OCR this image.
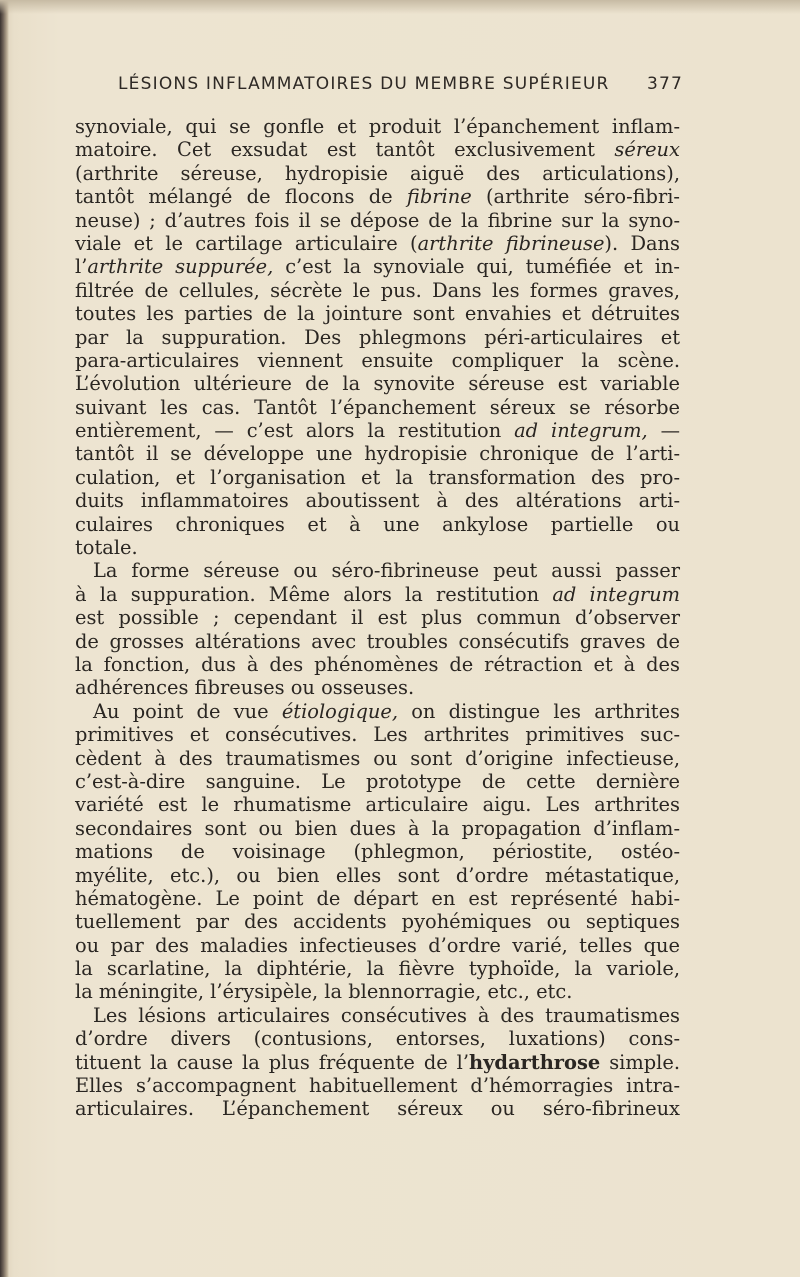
LÉSIONS INFLAMMATOIRES DU MEMBRE SUPÉRIEUR 377
synoviale, qui se gonfle et produit l’épanchement inflam-
matoire. Cet exsudat est tantôt exclusivement séreux
(arthrite séreuse, hydropisie aiguë des articulations),
tantôt mélangé de flocons de fibrine (arthrite séro-fibri-
neuse) ; d’autres fois il se dépose de la fibrine sur la syno-
viale et le cartilage articulaire (arthrite fibrineuse). Dans
l’arthrite suppurée, c’est la synoviale qui, tuméfiée et in-
filtrée de cellules, sécrète le pus. Dans les formes graves,
toutes les parties de la jointure sont envahies et détruites
par la suppuration. Des phlegmons péri-articulaires et
para-articulaires viennent ensuite compliquer la scène.
L’évolution ultérieure de la synovite séreuse est variable
suivant les cas. Tantôt l’épanchement séreux se résorbe
entièrement, — c’est alors la restitution ad integrum, —
tantôt il se développe une hydropisie chronique de l’arti-
culation, et l’organisation et la transformation des pro-
duits inflammatoires aboutissent à des altérations arti-
culaires chroniques et à une ankylose partielle ou
totale.
La forme séreuse ou séro-fibrineuse peut aussi passer
à la suppuration. Même alors la restitution ad integrum
est possible ; cependant il est plus commun d’observer
de grosses altérations avec troubles consécutifs graves de
la fonction, dus à des phénomènes de rétraction et à des
adhérences fibreuses ou osseuses.
Au point de vue étiologique, on distingue les arthrites
primitives et consécutives. Les arthrites primitives suc-
cèdent à des traumatismes ou sont d’origine infectieuse,
c’est-à-dire sanguine. Le prototype de cette dernière
variété est le rhumatisme articulaire aigu. Les arthrites
secondaires sont ou bien dues à la propagation d’inflam-
mations de voisinage (phlegmon, périostite, ostéo-
myélite, etc.), ou bien elles sont d’ordre métastatique,
hématogène. Le point de départ en est représenté habi-
tuellement par des accidents pyohémiques ou septiques
ou par des maladies infectieuses d’ordre varié, telles que
la scarlatine, la diphtérie, la fièvre typhoïde, la variole,
la méningite, l’érysipèle, la blennorragie, etc., etc.
Les lésions articulaires consécutives à des traumatismes
d’ordre divers (contusions, entorses, luxations) cons-
tituent la cause la plus fréquente de l’hydarthrose simple.
Elles s’accompagnent habituellement d’hémorragies intra-
articulaires. L’épanchement séreux ou séro-fibrineux
